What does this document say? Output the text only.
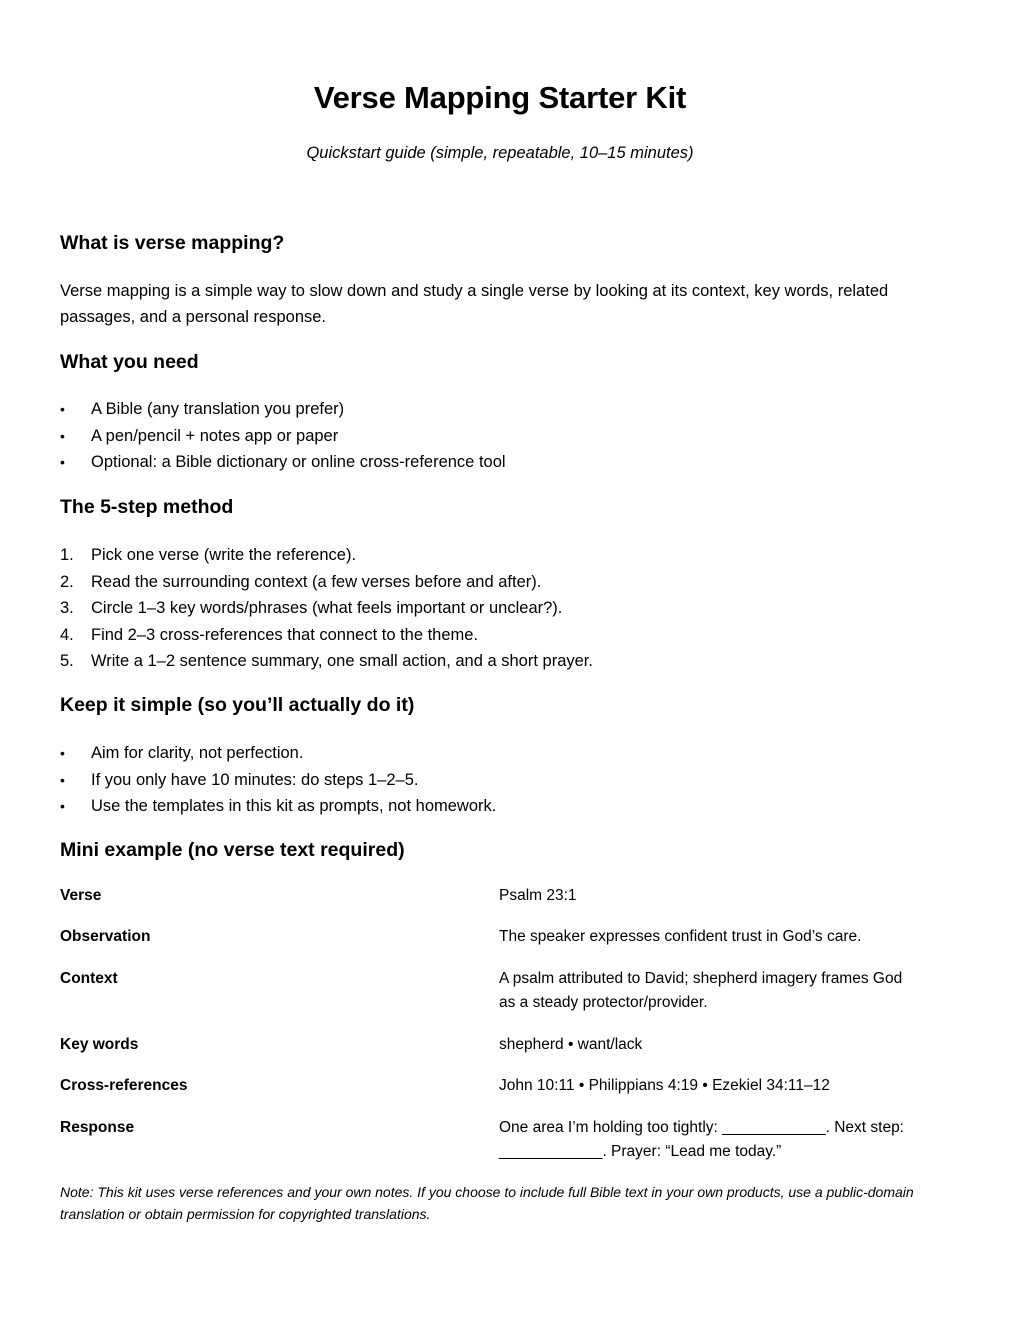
Verse Mapping Starter Kit
Quickstart guide (simple, repeatable, 10–15 minutes)
What is verse mapping?
Verse mapping is a simple way to slow down and study a single verse by looking at its context, key words, related passages, and a personal response.
What you need
• A Bible (any translation you prefer)
• A pen/pencil + notes app or paper
• Optional: a Bible dictionary or online cross-reference tool
The 5-step method
1. Pick one verse (write the reference).
2. Read the surrounding context (a few verses before and after).
3. Circle 1–3 key words/phrases (what feels important or unclear?).
4. Find 2–3 cross-references that connect to the theme.
5. Write a 1–2 sentence summary, one small action, and a short prayer.
Keep it simple (so you’ll actually do it)
• Aim for clarity, not perfection.
• If you only have 10 minutes: do steps 1–2–5.
• Use the templates in this kit as prompts, not homework.
Mini example (no verse text required)
Verse	Psalm 23:1
Observation	The speaker expresses confident trust in God’s care.
Context	A psalm attributed to David; shepherd imagery frames God as a steady protector/provider.
Key words	shepherd • want/lack
Cross-references	John 10:11 • Philippians 4:19 • Ezekiel 34:11–12
Response	One area I’m holding too tightly: ____________. Next step: ____________. Prayer: “Lead me today.”
Note: This kit uses verse references and your own notes. If you choose to include full Bible text in your own products, use a public-domain translation or obtain permission for copyrighted translations.
